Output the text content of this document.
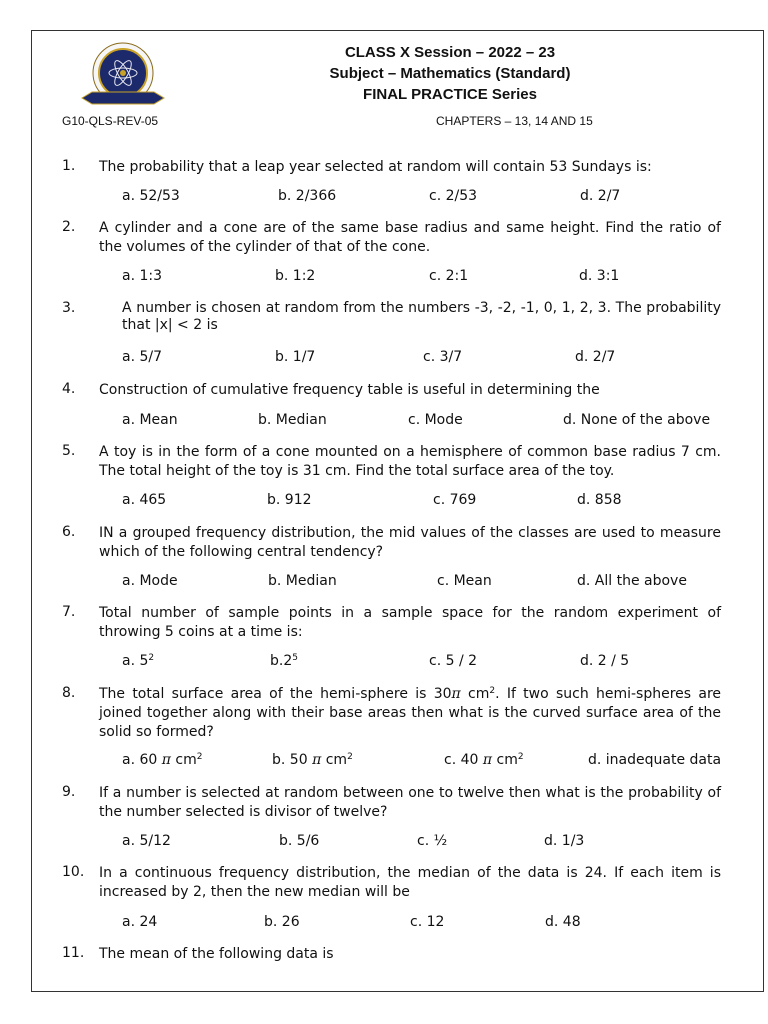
CLASS X Session – 2022 – 23
Subject – Mathematics (Standard)
FINAL PRACTICE Series
G10-QLS-REV-05	CHAPTERS – 13, 14 AND 15
1. The probability that a leap year selected at random will contain 53 Sundays is:
a. 52/53	b. 2/366	c. 2/53	d. 2/7
2. A cylinder and a cone are of the same base radius and same height. Find the ratio of the volumes of the cylinder of that of the cone.
a. 1:3	b. 1:2	c. 2:1	d. 3:1
3.	A number is chosen at random from the numbers -3, -2, -1, 0, 1, 2, 3. The probability that |x| < 2 is
a. 5/7	b. 1/7	c. 3/7	d. 2/7
4. Construction of cumulative frequency table is useful in determining the
a. Mean	b. Median	c. Mode	d. None of the above
5. A toy is in the form of a cone mounted on a hemisphere of common base radius 7 cm. The total height of the toy is 31 cm. Find the total surface area of the toy.
a. 465	b. 912	c. 769	d. 858
6. IN a grouped frequency distribution, the mid values of the classes are used to measure which of the following central tendency?
a. Mode	b. Median	c. Mean	d. All the above
7. Total number of sample points in a sample space for the random experiment of throwing 5 coins at a time is:
a. $5^2$	$b.2^5$	c. 5 / 2	d. 2 / 5
8. The total surface area of the hemi-sphere is 30π $cm^2$. If two such hemi-spheres are joined together along with their base areas then what is the curved surface area of the solid so formed?
a. 60 π $cm^2$	b. 50 π $cm^2$	c. 40 π $cm^2$	d. inadequate data
9. If a number is selected at random between one to twelve then what is the probability of the number selected is divisor of twelve?
a. 5/12	b. 5/6	c. ½	d. 1/3
10. In a continuous frequency distribution, the median of the data is 24. If each item is increased by 2, then the new median will be
a. 24	b. 26	c. 12	d. 48
11. The mean of the following data is
